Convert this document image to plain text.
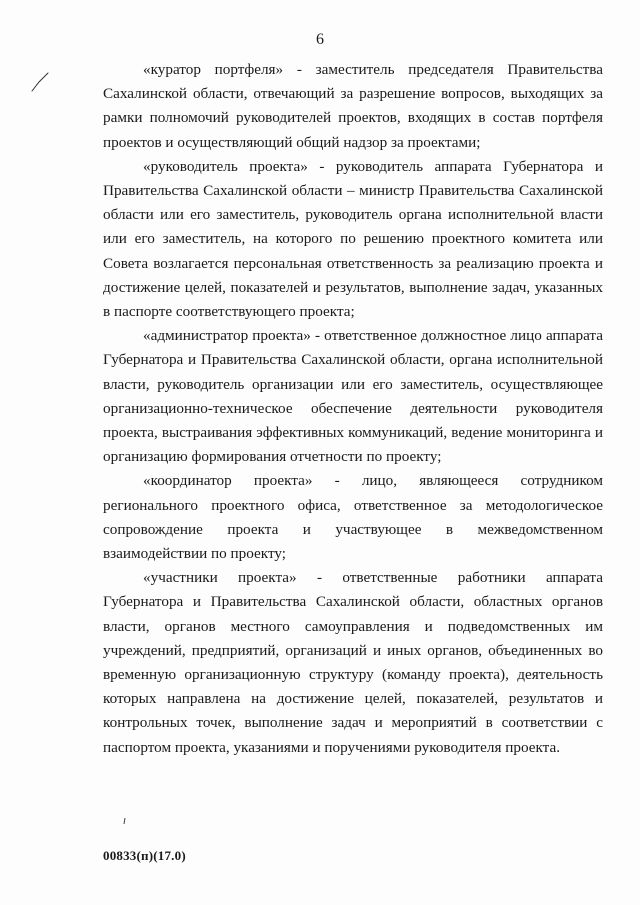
6

«куратор портфеля» - заместитель председателя Правительства Сахалинской области, отвечающий за разрешение вопросов, выходящих за рамки полномочий руководителей проектов, входящих в состав портфеля проектов и осуществляющий общий надзор за проектами;

«руководитель проекта» - руководитель аппарата Губернатора и Правительства Сахалинской области – министр Правительства Сахалинской области или его заместитель, руководитель органа исполнительной власти или его заместитель, на которого по решению проектного комитета или Совета возлагается персональная ответственность за реализацию проекта и достижение целей, показателей и результатов, выполнение задач, указанных в паспорте соответствующего проекта;

«администратор проекта» - ответственное должностное лицо аппарата Губернатора и Правительства Сахалинской области, органа исполнительной власти, руководитель организации или его заместитель, осуществляющее организационно-техническое обеспечение деятельности руководителя проекта, выстраивания эффективных коммуникаций, ведение мониторинга и организацию формирования отчетности по проекту;

«координатор проекта» - лицо, являющееся сотрудником регионального проектного офиса, ответственное за методологическое сопровождение проекта и участвующее в межведомственном взаимодействии по проекту;

«участники проекта» - ответственные работники аппарата Губернатора и Правительства Сахалинской области, областных органов власти, органов местного самоуправления и подведомственных им учреждений, предприятий, организаций и иных органов, объединенных во временную организационную структуру (команду проекта), деятельность которых направлена на достижение целей, показателей, результатов и контрольных точек, выполнение задач и мероприятий в соответствии с паспортом проекта, указаниями и поручениями руководителя проекта.

00833(п)(17.0)
